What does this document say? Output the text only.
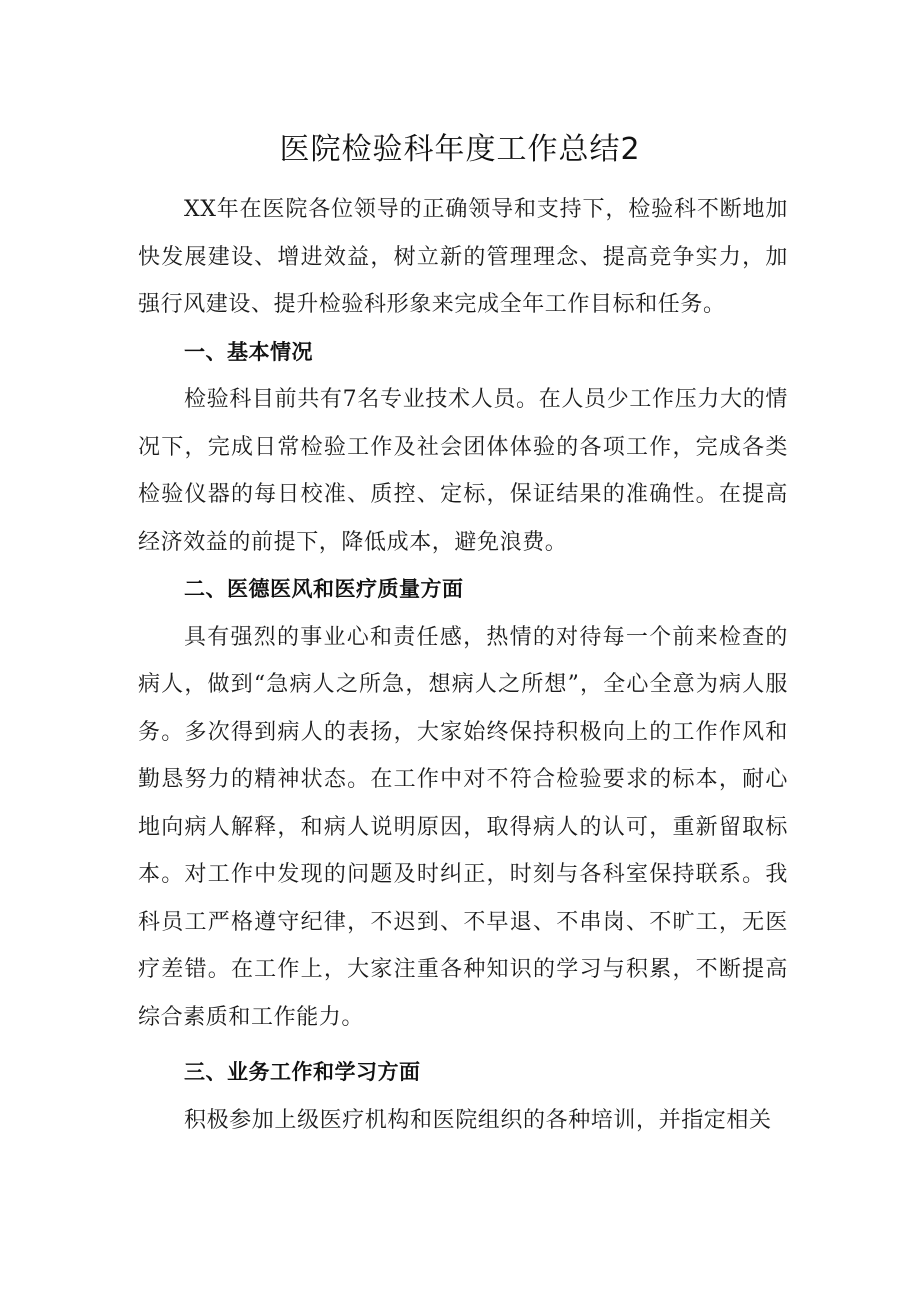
医院检验科年度工作总结2

XX年在医院各位领导的正确领导和支持下，检验科不断地加快发展建设、增进效益，树立新的管理理念、提高竞争实力，加强行风建设、提升检验科形象来完成全年工作目标和任务。

一、基本情况

检验科目前共有7名专业技术人员。在人员少工作压力大的情况下，完成日常检验工作及社会团体体验的各项工作，完成各类检验仪器的每日校准、质控、定标，保证结果的准确性。在提高经济效益的前提下，降低成本，避免浪费。

二、医德医风和医疗质量方面

具有强烈的事业心和责任感，热情的对待每一个前来检查的病人，做到“急病人之所急，想病人之所想”，全心全意为病人服务。多次得到病人的表扬，大家始终保持积极向上的工作作风和勤恳努力的精神状态。在工作中对不符合检验要求的标本，耐心地向病人解释，和病人说明原因，取得病人的认可，重新留取标本。对工作中发现的问题及时纠正，时刻与各科室保持联系。我科员工严格遵守纪律，不迟到、不早退、不串岗、不旷工，无医疗差错。在工作上，大家注重各种知识的学习与积累，不断提高综合素质和工作能力。

三、业务工作和学习方面

积极参加上级医疗机构和医院组织的各种培训，并指定相关
